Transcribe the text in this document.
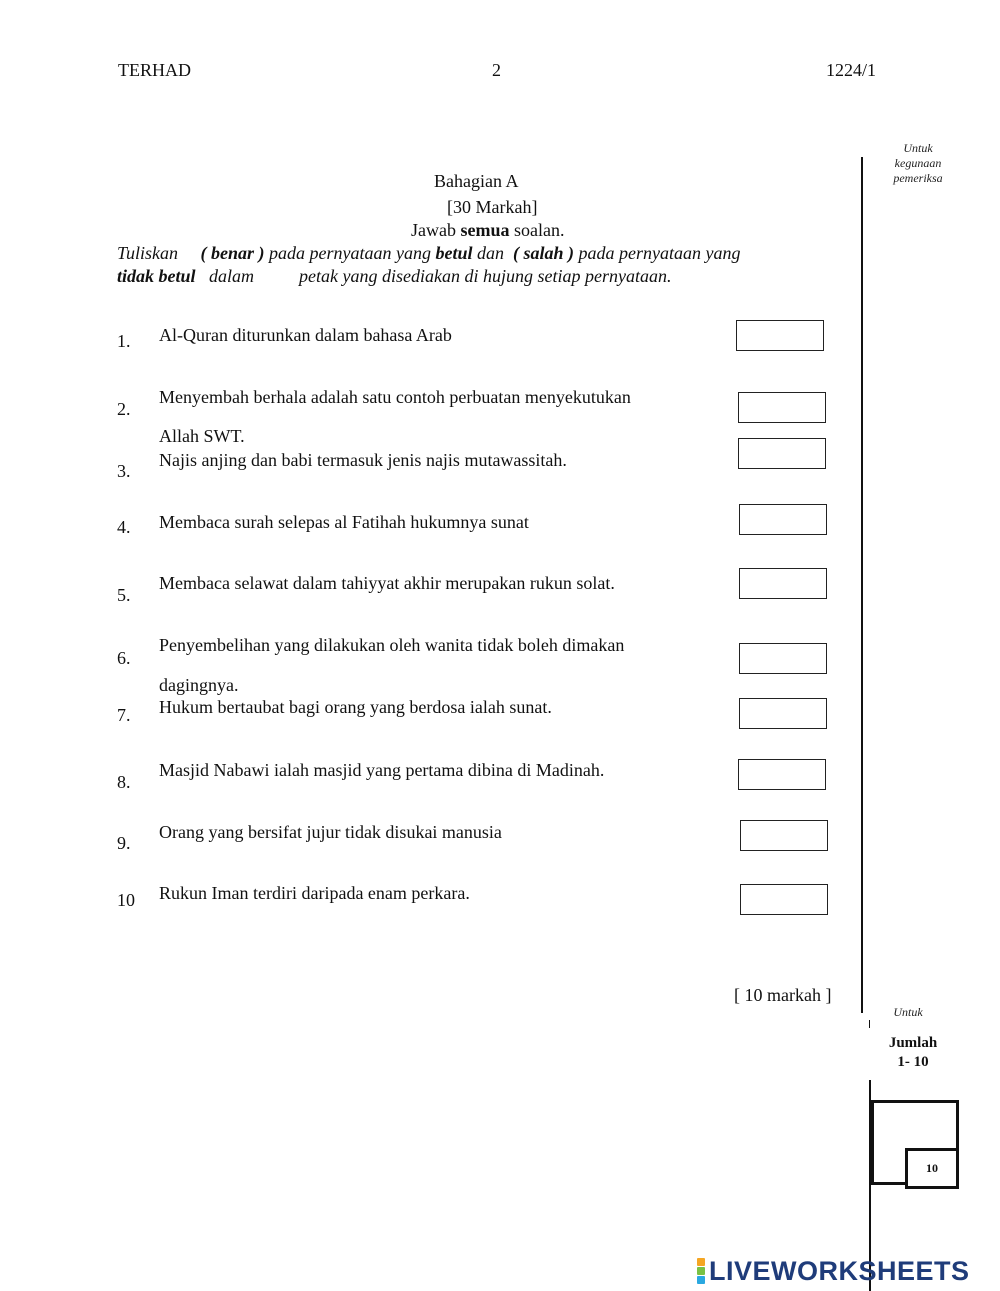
TERHAD	2	1224/1
Untuk
kegunaan
pemeriksa
Bahagian A
[30 Markah]
Jawab semua soalan.
Tuliskan ( benar ) pada pernyataan yang betul dan ( salah ) pada pernyataan yang
tidak betul dalam	petak yang disediakan di hujung setiap pernyataan.
1. Al-Quran diturunkan dalam bahasa Arab
2.
Menyembah berhala adalah satu contoh perbuatan menyekutukan
Allah SWT.
3.
Najis anjing dan babi termasuk jenis najis mutawassitah.
4. Membaca surah selepas al Fatihah hukumnya sunat
5.
Membaca selawat dalam tahiyyat akhir merupakan rukun solat.
6.
Penyembelihan yang dilakukan oleh wanita tidak boleh dimakan
dagingnya.
7. Hukum bertaubat bagi orang yang berdosa ialah sunat.
8.
Masjid Nabawi ialah masjid yang pertama dibina di Madinah.
9.
Orang yang bersifat jujur tidak disukai manusia
10 Rukun Iman terdiri daripada enam perkara.
[ 10 markah ]
Untuk

Jumlah
1- 10
10
LIVEWORKSHEETS
